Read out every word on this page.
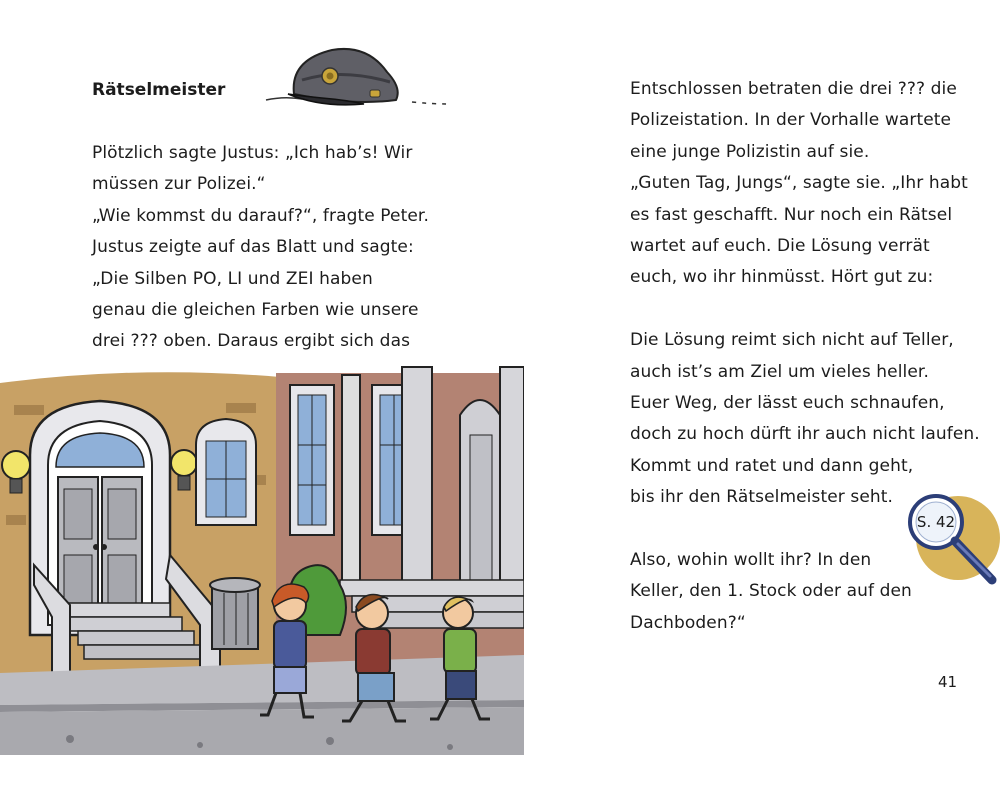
Rätselmeister
Plötzlich sagte Justus: „Ich hab’s! Wir
müssen zur Polizei.“
„Wie kommst du darauf?“, fragte Peter.
Justus zeigte auf das Blatt und sagte:
„Die Silben PO, LI und ZEI haben
genau die gleichen Farben wie unsere
drei ??? oben. Daraus ergibt sich das
Entschlossen betraten die drei ??? die
Polizeistation. In der Vorhalle wartete
eine junge Polizistin auf sie.
„Guten Tag, Jungs“, sagte sie. „Ihr habt
es fast geschafft. Nur noch ein Rätsel
wartet auf euch. Die Lösung verrät
euch, wo ihr hinmüsst. Hört gut zu:
Die Lösung reimt sich nicht auf Teller,
auch ist’s am Ziel um vieles heller.
Euer Weg, der lässt euch schnaufen,
doch zu hoch dürft ihr auch nicht laufen.
Kommt und ratet und dann geht,
bis ihr den Rätselmeister seht.
Also, wohin wollt ihr? In den
Keller, den 1. Stock oder auf den
Dachboden?“
S. 42
41
